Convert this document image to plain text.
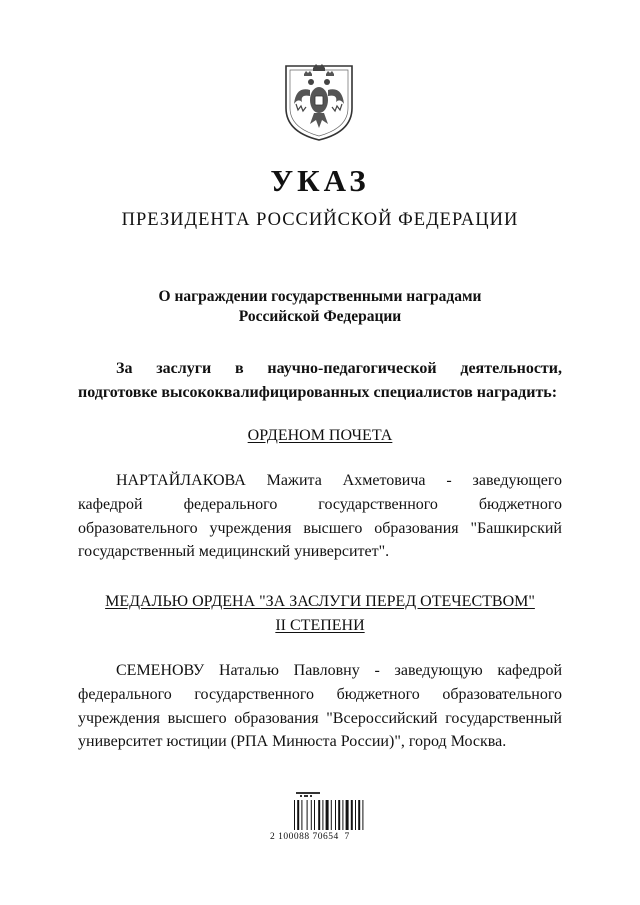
УКАЗ
ПРЕЗИДЕНТА РОССИЙСКОЙ ФЕДЕРАЦИИ
О награждении государственными наградами
Российской Федерации

За заслуги в научно-педагогической деятельности, подготовке высококвалифицированных специалистов наградить:

ОРДЕНОМ ПОЧЕТА

НАРТАЙЛАКОВА Мажита Ахметовича - заведующего кафедрой федерального государственного бюджетного образовательного учреждения высшего образования "Башкирский государственный медицинский университет".

МЕДАЛЬЮ ОРДЕНА "ЗА ЗАСЛУГИ ПЕРЕД ОТЕЧЕСТВОМ"
II СТЕПЕНИ

СЕМЕНОВУ Наталью Павловну - заведующую кафедрой федерального государственного бюджетного образовательного учреждения высшего образования "Всероссийский государственный университет юстиции (РПА Минюста России)", город Москва.

2 100088 70654  7
